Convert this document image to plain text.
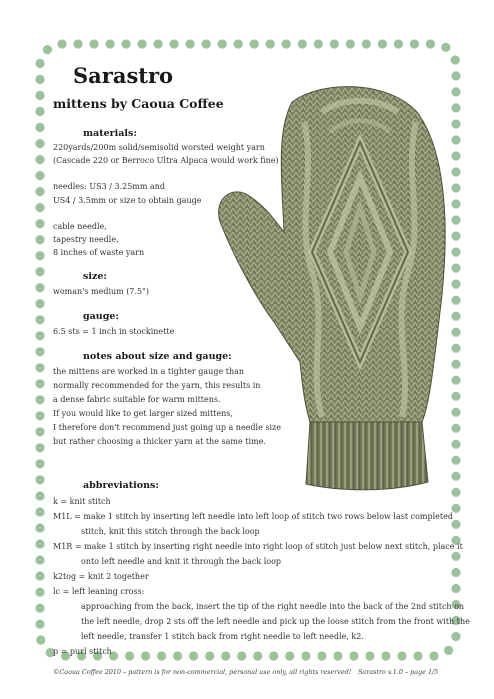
Sarastro
mittens by Caoua Coffee
materials:
220yards/200m solid/semisolid worsted weight yarn
(Cascade 220 or Berroco Ultra Alpaca would work fine)
needles: US3 / 3.25mm and
US4 / 3.5mm or size to obtain gauge
cable needle,
tapestry needle,
8 inches of waste yarn
size:
woman's medium (7.5")
gauge:
6.5 sts = 1 inch in stockinette
notes about size and gauge:
the mittens are worked in a tighter gauge than
normally recommended for the yarn, this results in
a dense fabric suitable for warm mittens.
If you would like to get larger sized mittens,
I therefore don't recommend just going up a needle size
but rather choosing a thicker yarn at the same time.
abbreviations:
k = knit stitch
M1L = make 1 stitch by inserting left needle into left loop of stitch two rows below last completed
stitch, knit this stitch through the back loop
M1R = make 1 stitch by inserting right needle into right loop of stitch just below next stitch, place it
onto left needle and knit it through the back loop
k2tog = knit 2 together
lc = left leaning cross:
approaching from the back, insert the tip of the right needle into the back of the 2nd stitch on
the left needle, drop 2 sts off the left needle and pick up the loose stitch from the front with the
left needle, transfer 1 stitch back from right needle to left needle, k2.
p = purl stitch
©Caoua Coffee 2010 – pattern is for non-commercial, personal use only, all rights reserved! Sarastro v.1.0 – page 1/5
